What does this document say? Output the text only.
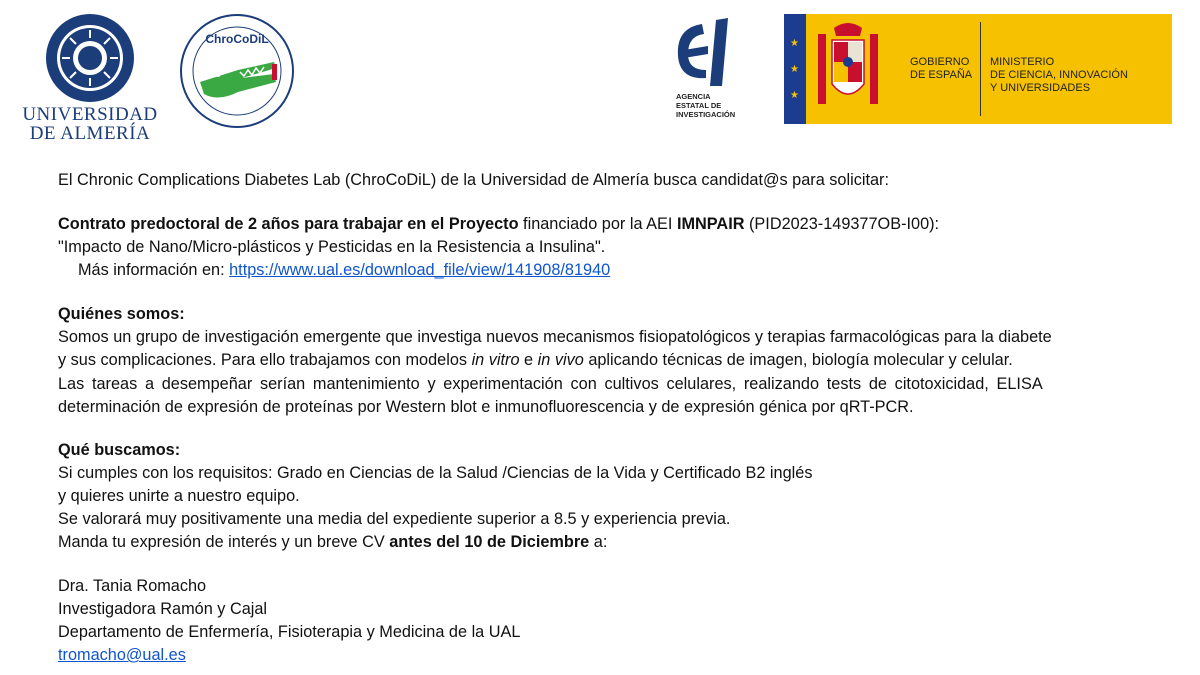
UNIVERSIDAD
DE ALMERÍA
ChroCoDiL
AGENCIA
ESTATAL DE
INVESTIGACIÓN
★
★
★
GOBIERNO
DE ESPAÑA
MINISTERIO
DE CIENCIA, INNOVACIÓN
Y UNIVERSIDADES
El Chronic Complications Diabetes Lab (ChroCoDiL) de la Universidad de Almería busca candidat@s para solicitar:
Contrato predoctoral de 2 años para trabajar en el Proyecto financiado por la AEI IMNPAIR (PID2023-149377OB-I00):
"Impacto de Nano/Micro-plásticos y Pesticidas en la Resistencia a Insulina".
Más información en: https://www.ual.es/download_file/view/141908/81940
Quiénes somos:
Somos un grupo de investigación emergente que investiga nuevos mecanismos fisiopatológicos y terapias farmacológicas para la diabete
y sus complicaciones. Para ello trabajamos con modelos in vitro e in vivo aplicando técnicas de imagen, biología molecular y celular.
Las tareas a desempeñar serían mantenimiento y experimentación con cultivos celulares, realizando tests de citotoxicidad, ELISA
determinación de expresión de proteínas por Western blot e inmunofluorescencia y de expresión génica por qRT-PCR.
Qué buscamos:
Si cumples con los requisitos: Grado en Ciencias de la Salud /Ciencias de la Vida y Certificado B2 inglés
y quieres unirte a nuestro equipo.
Se valorará muy positivamente una media del expediente superior a 8.5 y experiencia previa.
Manda tu expresión de interés y un breve CV antes del 10 de Diciembre a:
Dra. Tania Romacho
Investigadora Ramón y Cajal
Departamento de Enfermería, Fisioterapia y Medicina de la UAL
tromacho@ual.es
